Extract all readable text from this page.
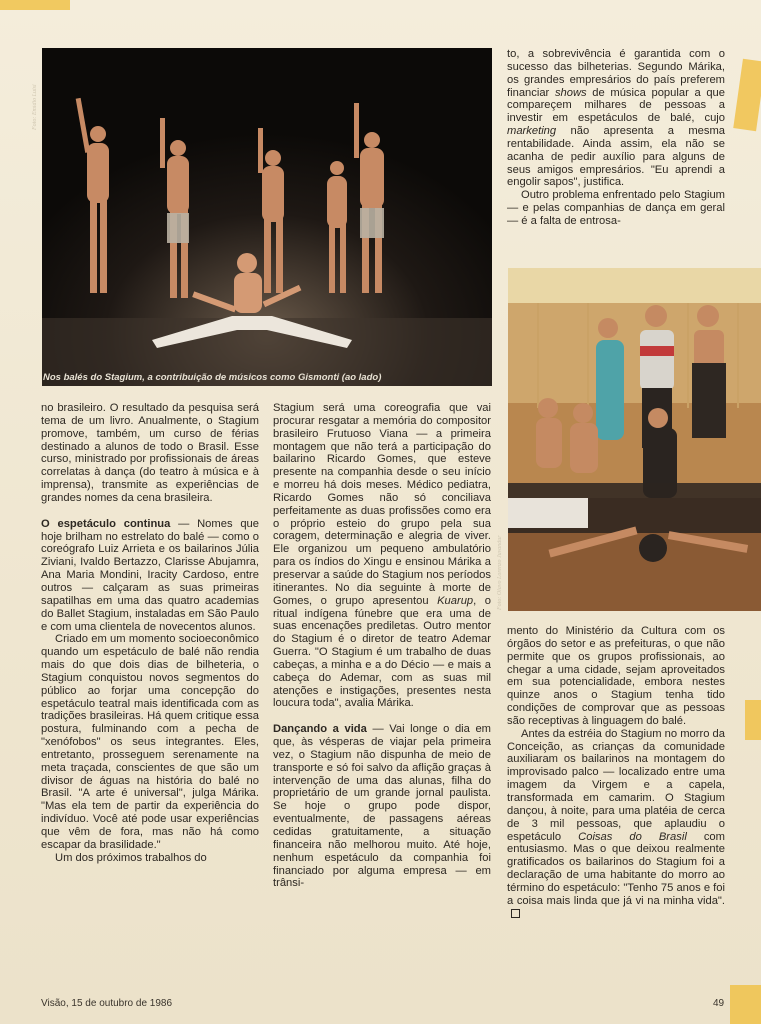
Foto: Emídio Luisi
Nos balés do Stagium, a contribuição de músicos como Gismonti (ao lado)
Foto: Olavo Lorenzo Juvandur

no brasileiro. O resultado da pesquisa será tema de um livro. Anualmente, o Stagium promove, também, um curso de férias destinado a alunos de todo o Brasil. Esse curso, ministrado por profissionais de áreas correlatas à dança (do teatro à música e à imprensa), transmite as experiências de grandes nomes da cena brasileira.

O espetáculo continua — Nomes que hoje brilham no estrelato do balé — como o coreógrafo Luiz Arrieta e os bailarinos Júlia Ziviani, Ivaldo Bertazzo, Clarisse Abujamra, Ana Maria Mondini, Iracity Cardoso, entre outros — calçaram as suas primeiras sapatilhas em uma das quatro academias do Ballet Stagium, instaladas em São Paulo e com uma clientela de novecentos alunos.

Criado em um momento socioeconômico quando um espetáculo de balé não rendia mais do que dois dias de bilheteria, o Stagium conquistou novos segmentos do público ao forjar uma concepção do espetáculo teatral mais identificada com as tradições brasileiras. Há quem critique essa postura, fulminando com a pecha de "xenófobos" os seus integrantes. Eles, entretanto, prosseguem serenamente na meta traçada, conscientes de que são um divisor de águas na história do balé no Brasil. "A arte é universal", julga Márika. "Mas ela tem de partir da experiência do indivíduo. Você até pode usar experiências que vêm de fora, mas não há como escapar da brasilidade."

Um dos próximos trabalhos do

Stagium será uma coreografia que vai procurar resgatar a memória do compositor brasileiro Frutuoso Viana — a primeira montagem que não terá a participação do bailarino Ricardo Gomes, que esteve presente na companhia desde o seu início e morreu há dois meses. Médico pediatra, Ricardo Gomes não só conciliava perfeitamente as duas profissões como era o próprio esteio do grupo pela sua coragem, determinação e alegria de viver. Ele organizou um pequeno ambulatório para os índios do Xingu e ensinou Márika a preservar a saúde do Stagium nos períodos itinerantes. No dia seguinte à morte de Gomes, o grupo apresentou Kuarup, o ritual indígena fúnebre que era uma de suas encenações prediletas. Outro mentor do Stagium é o diretor de teatro Ademar Guerra. "O Stagium é um trabalho de duas cabeças, a minha e a do Décio — e mais a cabeça do Ademar, com as suas mil atenções e instigações, presentes nesta loucura toda", avalia Márika.

Dançando a vida — Vai longe o dia em que, às vésperas de viajar pela primeira vez, o Stagium não dispunha de meio de transporte e só foi salvo da aflição graças à intervenção de uma das alunas, filha do proprietário de um grande jornal paulista. Se hoje o grupo pode dispor, eventualmente, de passagens aéreas cedidas gratuitamente, a situação financeira não melhorou muito. Até hoje, nenhum espetáculo da companhia foi financiado por alguma empresa — em trânsi-

to, a sobrevivência é garantida com o sucesso das bilheterias. Segundo Márika, os grandes empresários do país preferem financiar shows de música popular a que compareçem milhares de pessoas a investir em espetáculos de balé, cujo marketing não apresenta a mesma rentabilidade. Ainda assim, ela não se acanha de pedir auxílio para alguns de seus amigos empresários. "Eu aprendi a engolir sapos", justifica.

Outro problema enfrentado pelo Stagium — e pelas companhias de dança em geral — é a falta de entrosa-

mento do Ministério da Cultura com os órgãos do setor e as prefeituras, o que não permite que os grupos profissionais, ao chegar a uma cidade, sejam aproveitados em sua potencialidade, embora nestes quinze anos o Stagium tenha tido condições de comprovar que as pessoas são receptivas à linguagem do balé.

Antes da estréia do Stagium no morro da Conceição, as crianças da comunidade auxiliaram os bailarinos na montagem do improvisado palco — localizado entre uma imagem da Virgem e a capela, transformada em camarim. O Stagium dançou, à noite, para uma platéia de cerca de 3 mil pessoas, que aplaudiu o espetáculo Coisas do Brasil com entusiasmo. Mas o que deixou realmente gratificados os bailarinos do Stagium foi a declaração de uma habitante do morro ao término do espetáculo: "Tenho 75 anos e foi a coisa mais linda que já vi na minha vida".

Visão, 15 de outubro de 1986	49
